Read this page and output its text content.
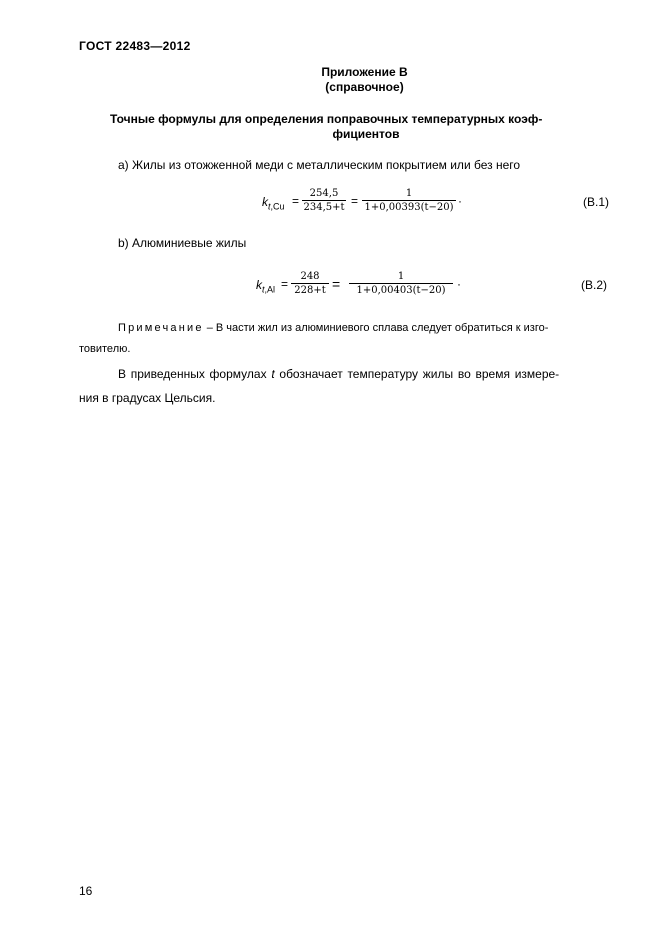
ГОСТ 22483—2012
Приложение В
(справочное)
Точные формулы для определения поправочных температурных коэф-
фициентов
a) Жилы из отожженной меди с металлическим покрытием или без него
$k_{t,Cu}$ =
254,5
234,5+t =
1
1+0,00393(t−20) ·	(В.1)
b) Алюминиевые жилы
$k_{t,Al}$ =
248
228+t =	1
1+0,00403(t−20) ·	(В.2)
Примечание – В части жил из алюминиевого сплава следует обратиться к изго-
товителю.
В приведенных формулах t обозначает температуру жилы во время измере-
ния в градусах Цельсия.
16
